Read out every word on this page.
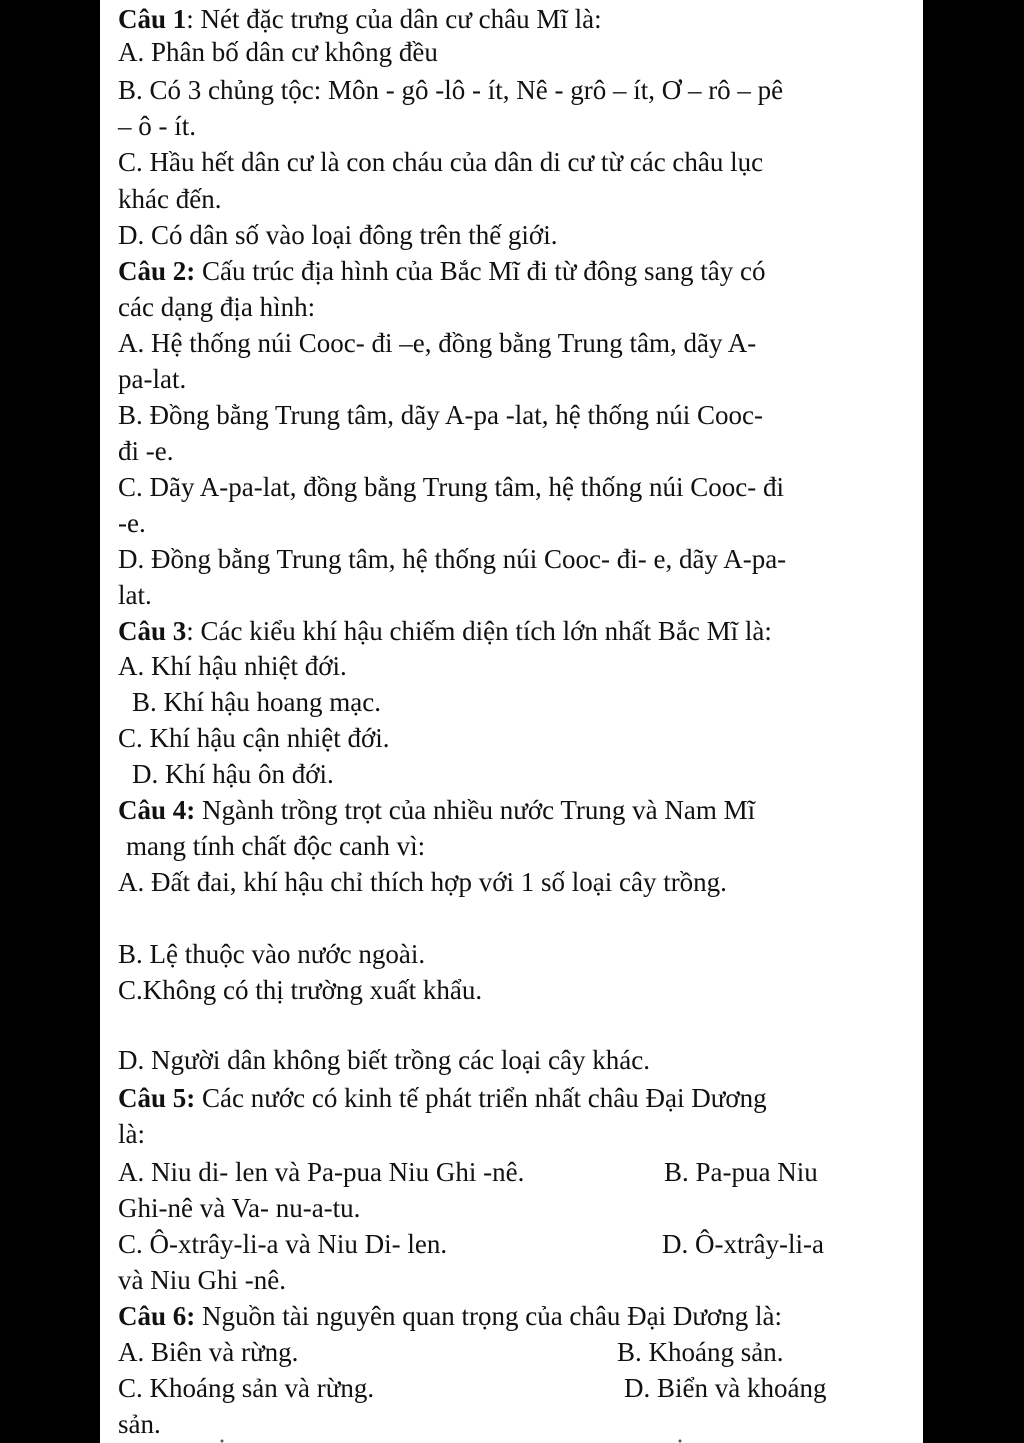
Câu 1: Nét đặc trưng của dân cư châu Mĩ là:

A. Phân bố dân cư không đều

B. Có 3 chủng tộc: Môn - gô -lô - ít, Nê - grô – ít, Ơ – rô – pê

– ô - ít.

C. Hầu hết dân cư là con cháu của dân di cư từ các châu lục

khác đến.

D. Có dân số vào loại đông trên thế giới.

Câu 2: Cấu trúc địa hình của Bắc Mĩ đi từ đông sang tây có

các dạng địa hình:

A. Hệ thống núi Cooc- đi –e, đồng bằng Trung tâm, dãy A-

pa-lat.

B. Đồng bằng Trung tâm, dãy A-pa -lat, hệ thống núi Cooc-

đi -e.

C. Dãy A-pa-lat, đồng bằng Trung tâm, hệ thống núi Cooc- đi

-e.

D. Đồng bằng Trung tâm, hệ thống núi Cooc- đi- e, dãy A-pa-

lat.

Câu 3: Các kiểu khí hậu chiếm diện tích lớn nhất Bắc Mĩ là:

A. Khí hậu nhiệt đới.

B. Khí hậu hoang mạc.

C. Khí hậu cận nhiệt đới.

D. Khí hậu ôn đới.

Câu 4: Ngành trồng trọt của nhiều nước Trung và Nam Mĩ

mang tính chất độc canh vì:

A. Đất đai, khí hậu chỉ thích hợp với 1 số loại cây trồng.

B. Lệ thuộc vào nước ngoài.

C.Không có thị trường xuất khẩu.

D. Người dân không biết trồng các loại cây khác.

Câu 5: Các nước có kinh tế phát triển nhất châu Đại Dương

là:

A. Niu di- len và Pa-pua Niu Ghi -nê.	B. Pa-pua Niu

Ghi-nê và Va- nu-a-tu.

C. Ô-xtrây-li-a và Niu Di- len.	D. Ô-xtrây-li-a

và Niu Ghi -nê.

Câu 6: Nguồn tài nguyên quan trọng của châu Đại Dương là:

A. Biên và rừng.	B. Khoáng sản.

C. Khoáng sản và rừng.	D. Biển và khoáng

sản.
